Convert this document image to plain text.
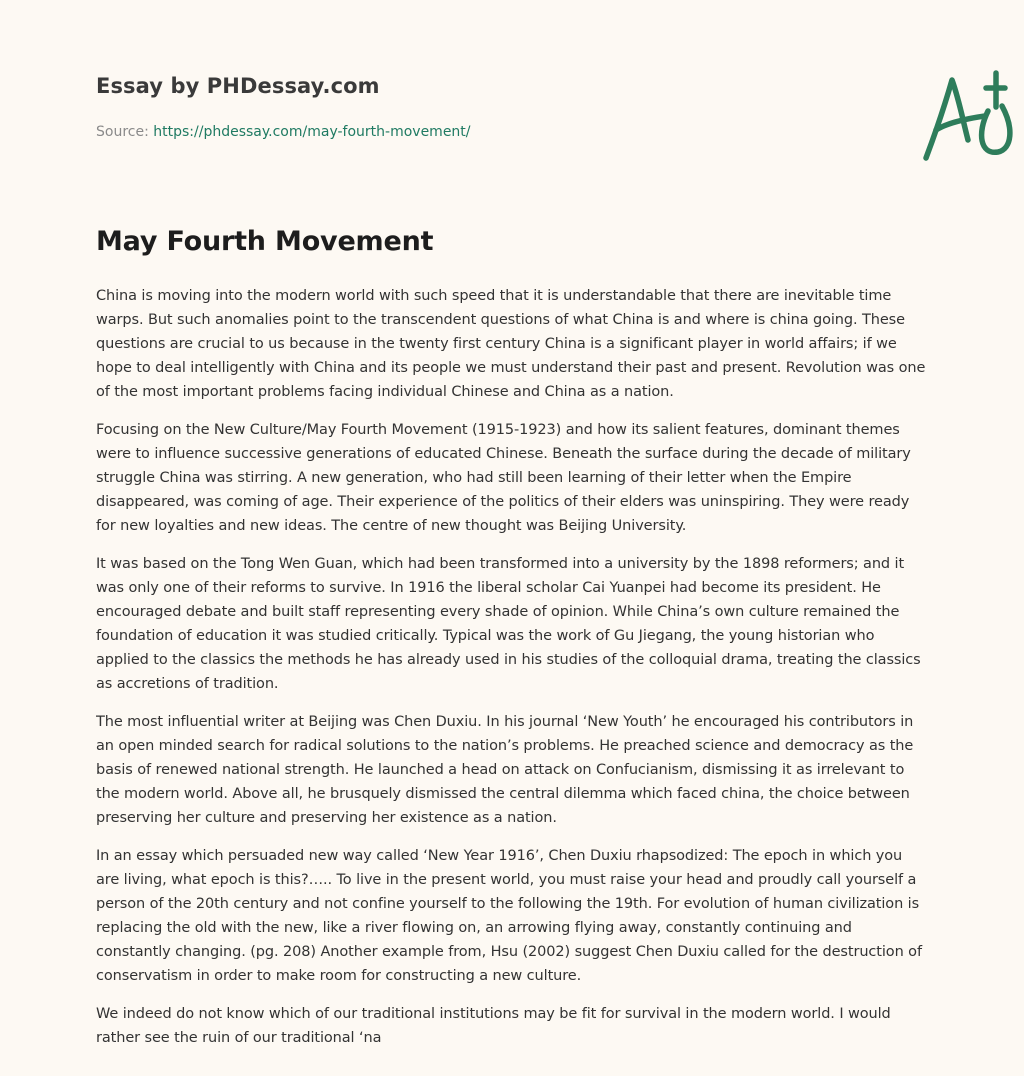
Essay by PHDessay.com
Source: https://phdessay.com/may-fourth-movement/
May Fourth Movement

China is moving into the modern world with such speed that it is understandable that there are inevitable time warps. But such anomalies point to the transcendent questions of what China is and where is china going. These questions are crucial to us because in the twenty first century China is a significant player in world affairs; if we hope to deal intelligently with China and its people we must understand their past and present. Revolution was one of the most important problems facing individual Chinese and China as a nation.

Focusing on the New Culture/May Fourth Movement (1915-1923) and how its salient features, dominant themes were to influence successive generations of educated Chinese. Beneath the surface during the decade of military struggle China was stirring. A new generation, who had still been learning of their letter when the Empire disappeared, was coming of age. Their experience of the politics of their elders was uninspiring. They were ready for new loyalties and new ideas. The centre of new thought was Beijing University.

It was based on the Tong Wen Guan, which had been transformed into a university by the 1898 reformers; and it was only one of their reforms to survive. In 1916 the liberal scholar Cai Yuanpei had become its president. He encouraged debate and built staff representing every shade of opinion. While China’s own culture remained the foundation of education it was studied critically. Typical was the work of Gu Jiegang, the young historian who applied to the classics the methods he has already used in his studies of the colloquial drama, treating the classics as accretions of tradition.

The most influential writer at Beijing was Chen Duxiu. In his journal ‘New Youth’ he encouraged his contributors in an open minded search for radical solutions to the nation’s problems. He preached science and democracy as the basis of renewed national strength. He launched a head on attack on Confucianism, dismissing it as irrelevant to the modern world. Above all, he brusquely dismissed the central dilemma which faced china, the choice between preserving her culture and preserving her existence as a nation.

In an essay which persuaded new way called ‘New Year 1916’, Chen Duxiu rhapsodized: The epoch in which you are living, what epoch is this?….. To live in the present world, you must raise your head and proudly call yourself a person of the 20th century and not confine yourself to the following the 19th. For evolution of human civilization is replacing the old with the new, like a river flowing on, an arrowing flying away, constantly continuing and constantly changing. (pg. 208) Another example from, Hsu (2002) suggest Chen Duxiu called for the destruction of conservatism in order to make room for constructing a new culture.

We indeed do not know which of our traditional institutions may be fit for survival in the modern world. I would rather see the ruin of our traditional ‘na
